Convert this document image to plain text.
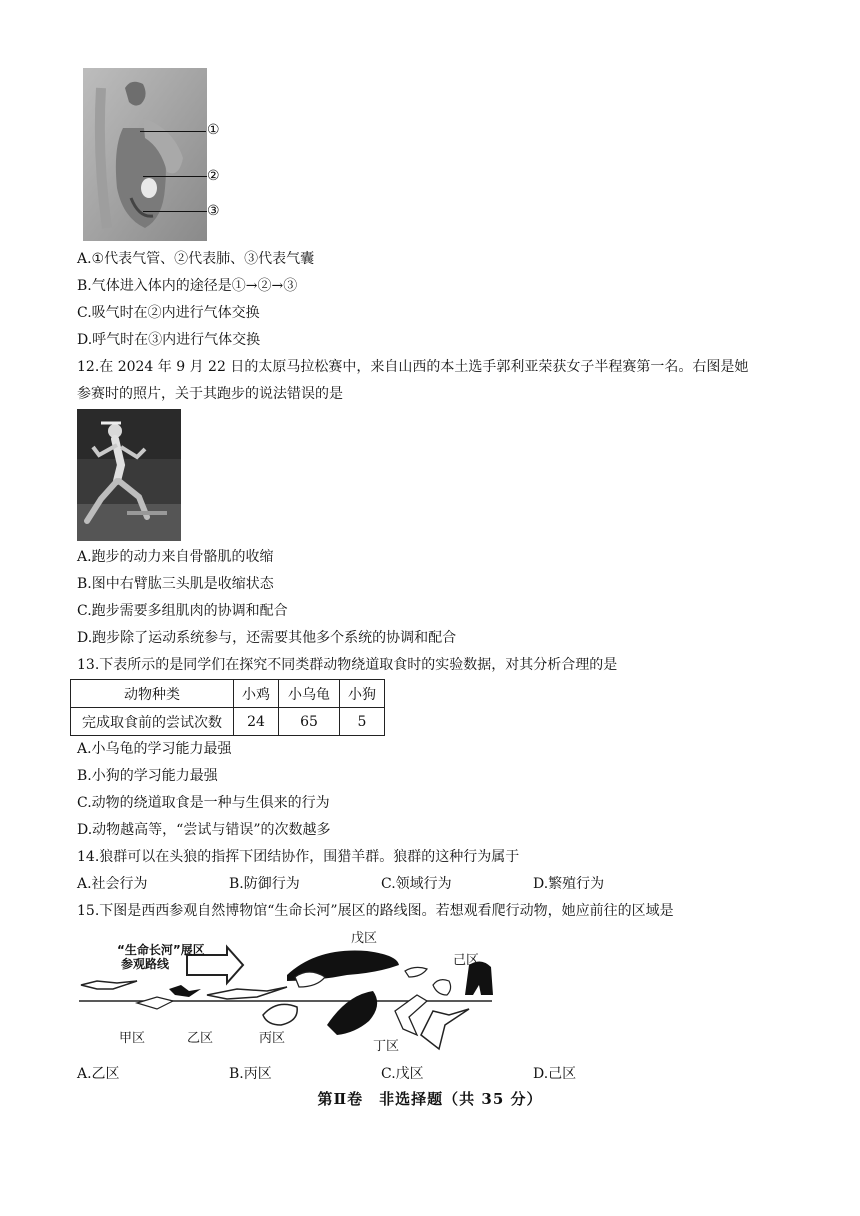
①
②
③
A.①代表气管、②代表肺、③代表气囊
B.气体进入体内的途径是①→②→③
C.吸气时在②内进行气体交换
D.呼气时在③内进行气体交换
12.在 2024 年 9 月 22 日的太原马拉松赛中，来自山西的本土选手郭利亚荣获女子半程赛第一名。右图是她
参赛时的照片，关于其跑步的说法错误的是
A.跑步的动力来自骨骼肌的收缩
B.图中右臂肱三头肌是收缩状态
C.跑步需要多组肌肉的协调和配合
D.跑步除了运动系统参与，还需要其他多个系统的协调和配合
13.下表所示的是同学们在探究不同类群动物绕道取食时的实验数据，对其分析合理的是
动物种类	小鸡	小乌龟	小狗
完成取食前的尝试次数	24	65	5
A.小乌龟的学习能力最强
B.小狗的学习能力最强
C.动物的绕道取食是一种与生俱来的行为
D.动物越高等，“尝试与错误”的次数越多
14.狼群可以在头狼的指挥下团结协作，围猎羊群。狼群的这种行为属于
A.社会行为	B.防御行为	C.领域行为	D.繁殖行为
15.下图是西西参观自然博物馆“生命长河”展区的路线图。若想观看爬行动物，她应前往的区域是
“生命长河”展区
参观路线
甲区	乙区	丙区
丁区
戊区
己区
A.乙区	B.丙区	C.戊区	D.己区
第Ⅱ卷　非选择题（共 35 分）
